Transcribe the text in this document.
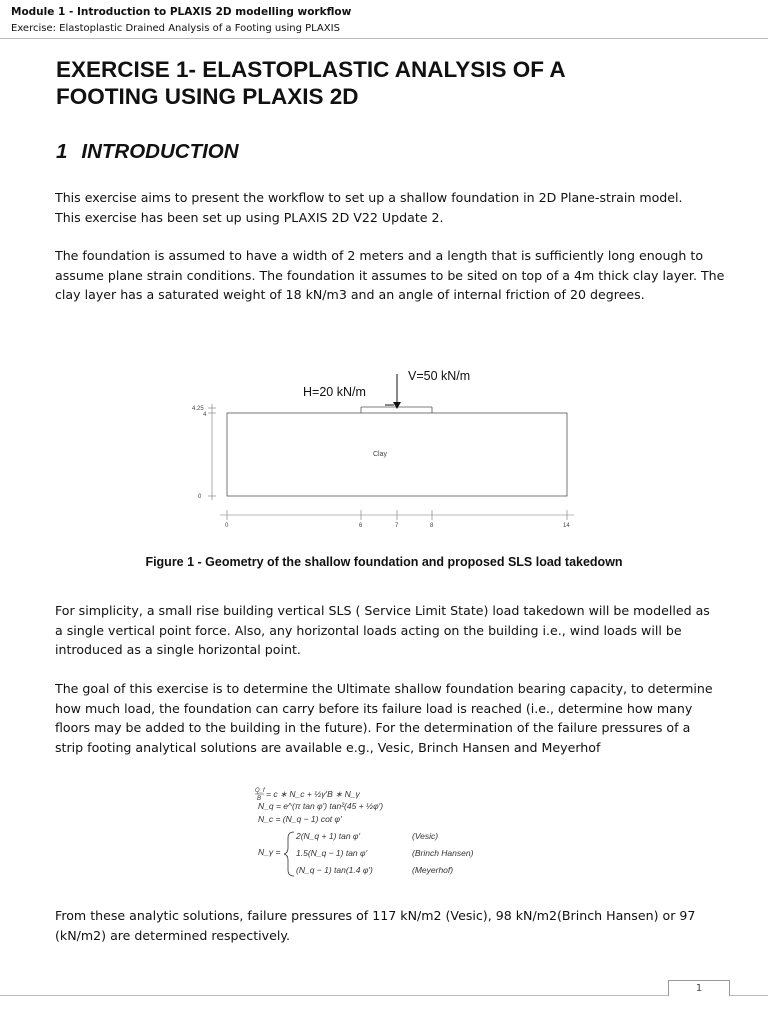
Module 1 - Introduction to PLAXIS 2D modelling workflow
Exercise: Elastoplastic Drained Analysis of a Footing using PLAXIS
EXERCISE 1- ELASTOPLASTIC ANALYSIS OF A
FOOTING USING PLAXIS 2D
1 INTRODUCTION

This exercise aims to present the workflow to set up a shallow foundation in 2D Plane-strain model.
This exercise has been set up using PLAXIS 2D V22 Update 2.

The foundation is assumed to have a width of 2 meters and a length that is sufficiently long enough to
assume plane strain conditions. The foundation it assumes to be sited on top of a 4m thick clay layer. The
clay layer has a saturated weight of 18 kN/m3 and an angle of internal friction of 20 degrees.

V=50 kN/m
H=20 kN/m
Clay
4.25
4
0
0	6	7	8	14
Figure 1 - Geometry of the shallow foundation and proposed SLS load takedown

For simplicity, a small rise building vertical SLS ( Service Limit State) load takedown will be modelled as
a single vertical point force. Also, any horizontal loads acting on the building i.e., wind loads will be
introduced as a single horizontal point.

The goal of this exercise is to determine the Ultimate shallow foundation bearing capacity, to determine
how much load, the foundation can carry before its failure load is reached (i.e., determine how many
floors may be added to the building in the future). For the determination of the failure pressures of a
strip footing analytical solutions are available e.g., Vesic, Brinch Hansen and Meyerhof

Q_f
B = c ∗ N_c + ½γ′B ∗ N_γ
N_q = e^(π tan φ′) tan²(45 + ½φ′)
N_c = (N_q − 1) cot φ′
N_γ =
2(N_q + 1) tan φ′	(Vesic)
1.5(N_q − 1) tan φ′	(Brinch Hansen)
(N_q − 1) tan(1.4 φ′)	(Meyerhof)

From these analytic solutions, failure pressures of 117 kN/m2 (Vesic), 98 kN/m2(Brinch Hansen) or 97
(kN/m2) are determined respectively.

1
